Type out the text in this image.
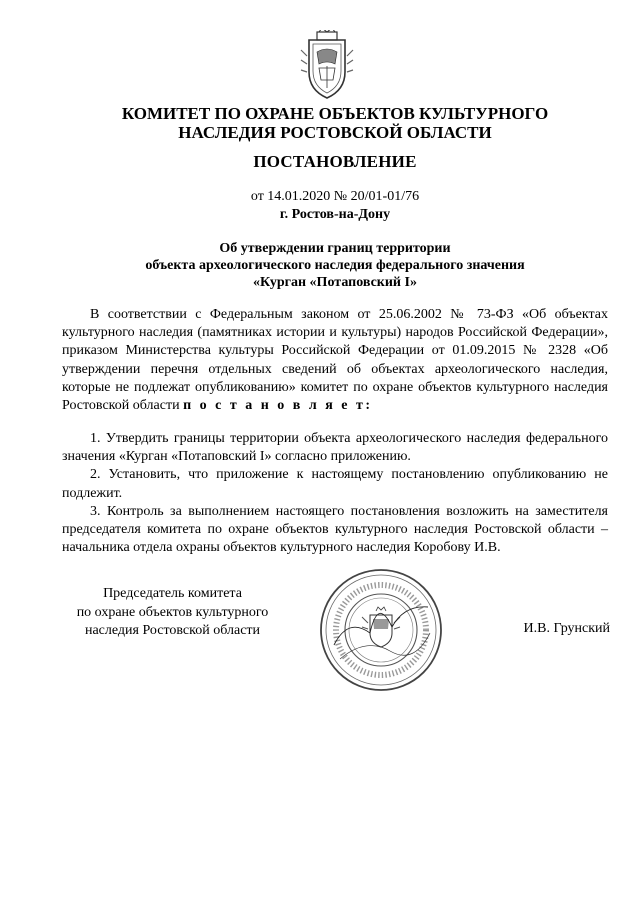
КОМИТЕТ ПО ОХРАНЕ ОБЪЕКТОВ КУЛЬТУРНОГО
НАСЛЕДИЯ РОСТОВСКОЙ ОБЛАСТИ
ПОСТАНОВЛЕНИЕ
от 14.01.2020 № 20/01-01/76
г. Ростов-на-Дону
Об утверждении границ территории
объекта археологического наследия федерального значения
«Курган «Потаповский I»
В соответствии с Федеральным законом от 25.06.2002 № 73-ФЗ «Об объектах культурного наследия (памятниках истории и культуры) народов Российской Федерации», приказом Министерства культуры Российской Федерации от 01.09.2015 № 2328 «Об утверждении перечня отдельных сведений об объектах археологического наследия, которые не подлежат опубликованию» комитет по охранe объектов культурного наследия Ростовской области п о с т а н о в л я е т:

1. Утвердить границы территории объекта археологического наследия федерального значения «Курган «Потаповский I» согласно приложению.

2. Установить, что приложение к настоящему постановлению опубликованию не подлежит.

3. Контроль за выполнением настоящего постановления возложить на заместителя председателя комитета по охране объектов культурного наследия Ростовской области – начальника отдела охраны объектов культурного наследия Коробову И.В.

Председатель комитета
по охране объектов культурного
наследия Ростовской области	И.В. Грунский
